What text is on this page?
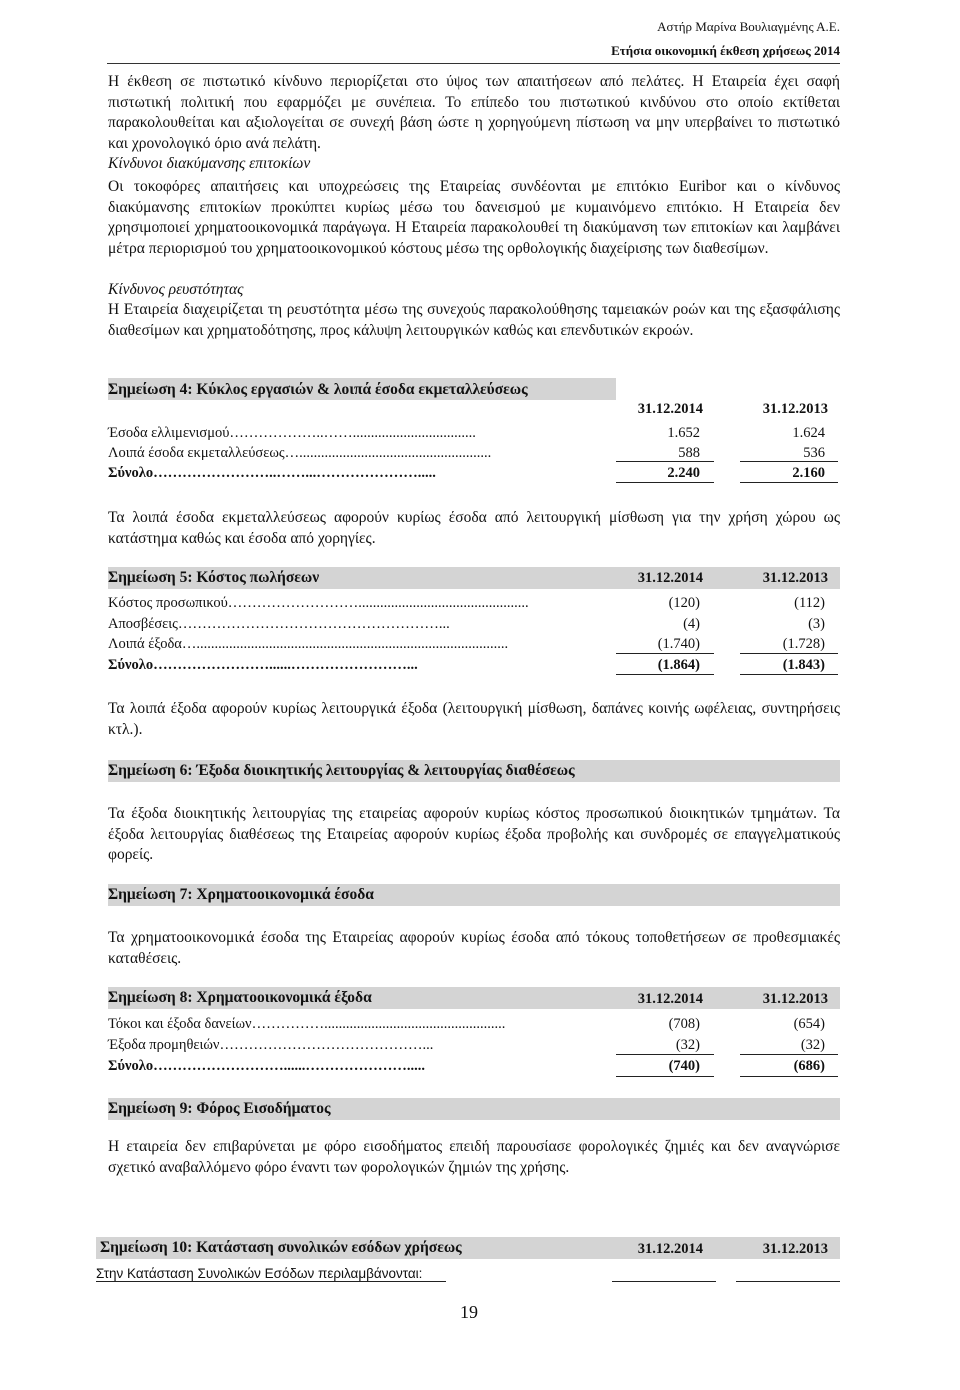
Αστήρ Μαρίνα Βουλιαγμένης Α.Ε.
Ετήσια οικονομική έκθεση χρήσεως 2014

Η έκθεση σε πιστωτικό κίνδυνο περιορίζεται στο ύψος των απαιτήσεων από πελάτες. Η Εταιρεία έχει σαφή πιστωτική πολιτική που εφαρμόζει με συνέπεια. Το επίπεδο του πιστωτικού κινδύνου στο οποίο εκτίθεται παρακολουθείται και αξιολογείται σε συνεχή βάση ώστε η χορηγούμενη πίστωση να μην υπερβαίνει το πιστωτικό και χρονολογικό όριο ανά πελάτη.

Κίνδυνοι διακύμανσης επιτοκίων

Οι τοκοφόρες απαιτήσεις και υποχρεώσεις της Εταιρείας συνδέονται με επιτόκιο Euribor και ο κίνδυνος διακύμανσης επιτοκίων προκύπτει κυρίως μέσω του δανεισμού με κυμαινόμενο επιτόκιο. Η Εταιρεία δεν χρησιμοποιεί χρηματοοικονομικά παράγωγα. Η Εταιρεία παρακολουθεί τη διακύμανση των επιτοκίων και λαμβάνει μέτρα περιορισμού του χρηματοοικονομικού κόστους μέσω της ορθολογικής διαχείρισης των διαθεσίμων.

Κίνδυνος ρευστότητας

Η Εταιρεία διαχειρίζεται τη ρευστότητα μέσω της συνεχούς παρακολούθησης ταμειακών ροών και της εξασφάλισης διαθεσίμων και χρηματοδότησης, προς κάλυψη λειτουργικών καθώς και επενδυτικών εκροών.

Σημείωση 4: Κύκλος εργασιών & λοιπά έσοδα εκμεταλλεύσεως
31.12.2014	31.12.2013
Έσοδα ελλιμενισμού………………..……..................................	1.652	1.624
Λοιπά έσοδα εκμεταλλεύσεως….....................................................	588	536
Σύνολο……………………..……...………………….....	2.240	2.160

Τα λοιπά έσοδα εκμεταλλεύσεως αφορούν κυρίως έσοδα από λειτουργική μίσθωση για την χρήση χώρου ως κατάστημα καθώς και έσοδα από χορηγίες.

Σημείωση 5: Κόστος πωλήσεων	31.12.2014	31.12.2013
Κόστος προσωπικού………………………...............................................	(120)	(112)
Αποσβέσεις………………………………………………...	(4)	(3)
Λοιπά έξοδα…......................................................................................	(1.740)	(1.728)
Σύνολο……………………......……………………...	(1.864)	(1.843)

Τα λοιπά έξοδα αφορούν κυρίως λειτουργικά έξοδα (λειτουργική μίσθωση, δαπάνες κοινής ωφέλειας, συντηρήσεις κτλ.).

Σημείωση 6: Έξοδα διοικητικής λειτουργίας & λειτουργίας διαθέσεως

Τα έξοδα διοικητικής λειτουργίας της εταιρείας αφορούν κυρίως κόστος προσωπικού διοικητικών τμημάτων. Τα έξοδα λειτουργίας διαθέσεως της Εταιρείας αφορούν κυρίως έξοδα προβολής και συνδρομές σε επαγγελματικούς φορείς.

Σημείωση 7: Χρηματοοικονομικά έσοδα

Τα χρηματοοικονομικά έσοδα της Εταιρείας αφορούν κυρίως έσοδα από τόκους τοποθετήσεων σε προθεσμιακές καταθέσεις.

Σημείωση 8: Χρηματοοικονομικά έξοδα	31.12.2014	31.12.2013
Τόκοι και έξοδα δανείων……………..................................................	(708)	(654)
Έξοδα προμηθειών……………………………………...	(32)	(32)
Σύνολο………………………......………………….....	(740)	(686)
Σημείωση 9: Φόρος Εισοδήματος

Η εταιρεία δεν επιβαρύνεται με φόρο εισοδήματος επειδή παρουσίασε φορολογικές ζημιές και δεν αναγνώρισε σχετικό αναβαλλόμενο φόρο έναντι των φορολογικών ζημιών της χρήσης.

Σημείωση 10: Κατάσταση συνολικών εσόδων χρήσεως	31.12.2014	31.12.2013
Στην Κατάσταση Συνολικών Εσόδων περιλαμβάνονται:
19
